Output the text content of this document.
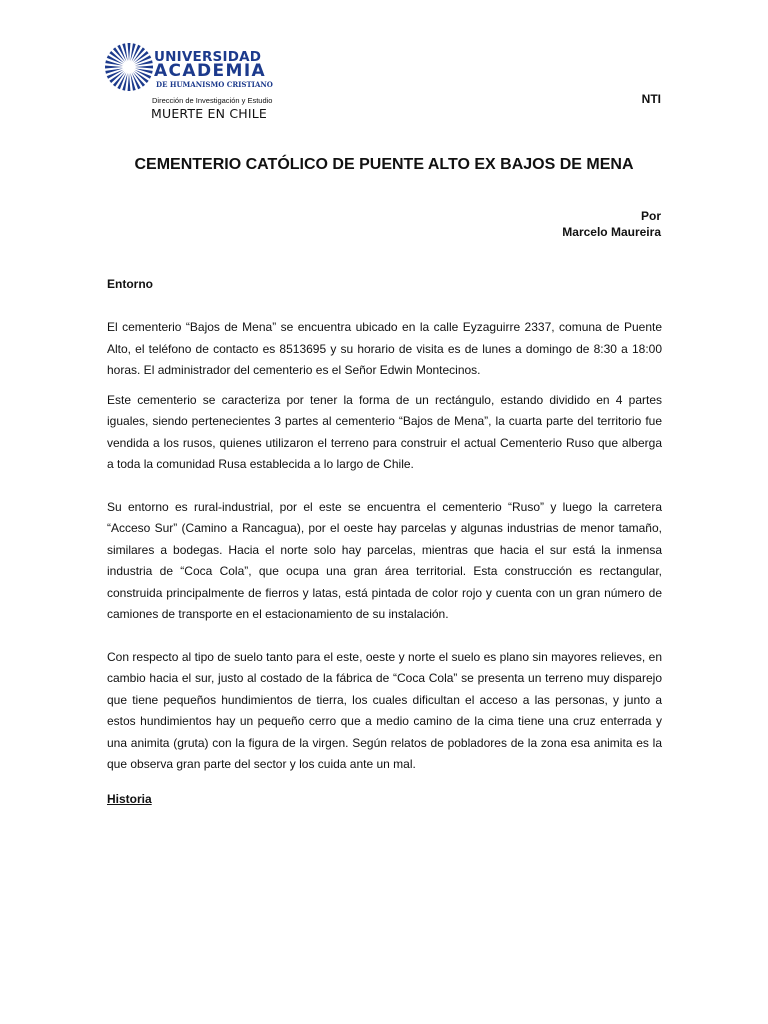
UNIVERSIDAD
ACADEMIA
DE HUMANISMO CRISTIANO
Dirección de Investigación y Estudio
MUERTE EN CHILE
NTI
CEMENTERIO CATÓLICO DE PUENTE ALTO EX BAJOS DE MENA
Por
Marcelo Maureira
Entorno

El cementerio “Bajos de Mena” se encuentra ubicado en la calle Eyzaguirre 2337, comuna de Puente Alto, el teléfono de contacto es 8513695 y su horario de visita es de lunes a domingo de 8:30 a 18:00 horas. El administrador del cementerio es el Señor Edwin Montecinos.

Este cementerio se caracteriza por tener la forma de un rectángulo, estando dividido en 4 partes iguales, siendo pertenecientes 3 partes al cementerio “Bajos de Mena”, la cuarta parte del territorio fue vendida a los rusos, quienes utilizaron el terreno para construir el actual Cementerio Ruso que alberga a toda la comunidad Rusa establecida a lo largo de Chile.

Su entorno es rural-industrial, por el este se encuentra el cementerio “Ruso” y luego la carretera “Acceso Sur” (Camino a Rancagua), por el oeste hay parcelas y algunas industrias de menor tamaño, similares a bodegas. Hacia el norte solo hay parcelas, mientras que hacia el sur está la inmensa industria de “Coca Cola”, que ocupa una gran área territorial. Esta construcción es rectangular, construida principalmente de fierros y latas, está pintada de color rojo y cuenta con un gran número de camiones de transporte en el estacionamiento de su instalación.

Con respecto al tipo de suelo tanto para el este, oeste y norte el suelo es plano sin mayores relieves, en cambio hacia el sur, justo al costado de la fábrica de “Coca Cola” se presenta un terreno muy disparejo que tiene pequeños hundimientos de tierra, los cuales dificultan el acceso a las personas, y junto a estos hundimientos hay un pequeño cerro que a medio camino de la cima tiene una cruz enterrada y una animita (gruta) con la figura de la virgen. Según relatos de pobladores de la zona esa animita es la que observa gran parte del sector y los cuida ante un mal.

Historia
